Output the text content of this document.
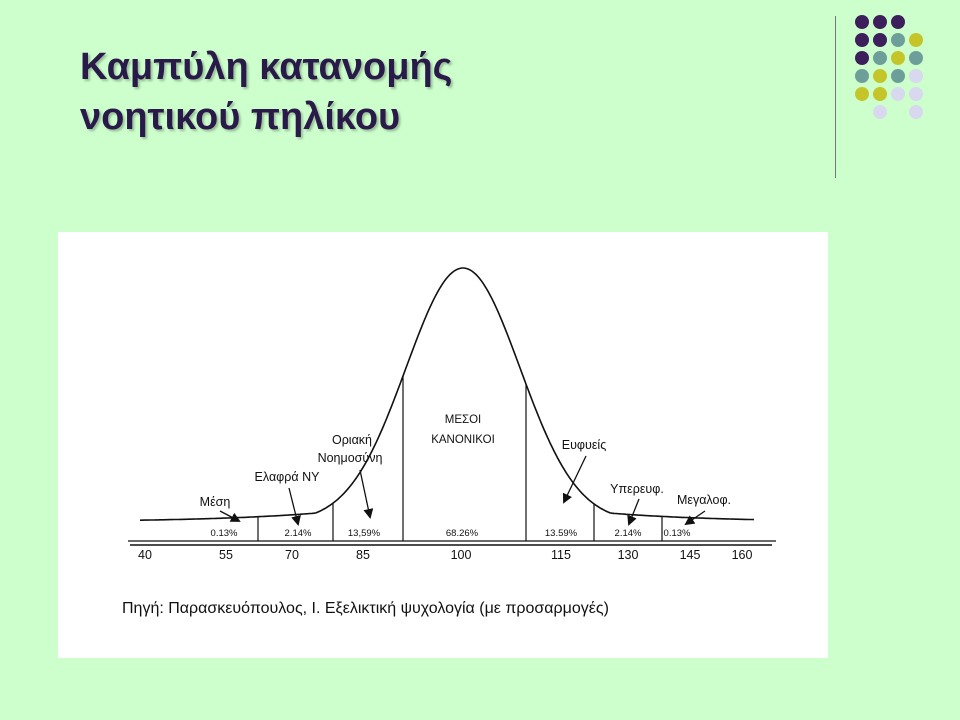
Καμπύλη κατανομής
νοητικού πηλίκου
40	55	70	85	100	115	130	145 160
0.13%	2.14%	13,59%	68.26%	13.59%	2.14% 0.13%
ΜΕΣΟΙ
ΚΑΝΟΝΙΚΟΙ
Μέση
Ελαφρά ΝΥ
Οριακή
Νοημοσύνη
Ευφυείς
Υπερευφ.
Μεγαλοφ.
Πηγή: Παρασκευόπουλος, Ι. Εξελικτική ψυχολογία (με προσαρμογές)
